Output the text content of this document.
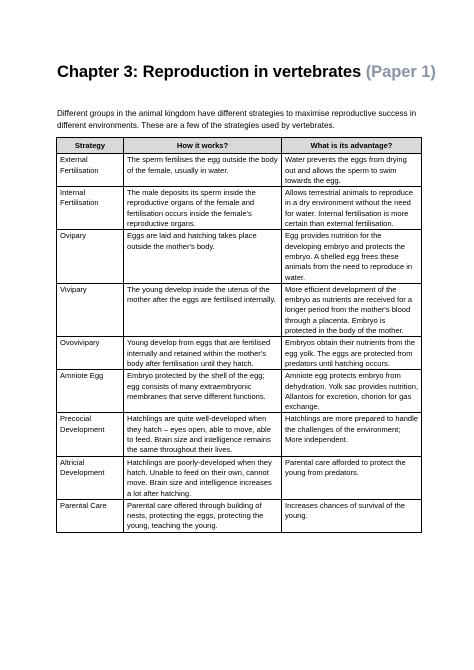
Chapter 3: Reproduction in vertebrates (Paper 1)

Different groups in the animal kingdom have different strategies to maximise reproductive success in different environments. These are a few of the strategies used by vertebrates.

Strategy	How it works?	What is its advantage?
External Fertilisation	The sperm fertilises the egg outside the body of the female, usually in water.	Water prevents the eggs from drying out and allows the sperm to swim towards the egg.
Internal Fertilisation	The male deposits its sperm inside the reproductive organs of the female and fertilisation occurs inside the female's reproductive organs.	Allows terrestrial animals to reproduce in a dry environment without the need for water. Internal fertilisation is more certain than external fertilisation.
Ovipary	Eggs are laid and hatching takes place outside the mother's body.	Egg provides nutrition for the developing embryo and protects the embryo. A shelled egg frees these animals from the need to reproduce in water.
Vivipary	The young develop inside the uterus of the mother after the eggs are fertilised internally.	More efficient development of the embryo as nutrients are received for a longer period from the mother's blood through a placenta. Embryo is protected in the body of the mother.
Ovovivipary	Young develop from eggs that are fertilised internally and retained within the mother's body after fertilisation until they hatch.	Embryos obtain their nutrients from the egg yolk. The eggs are protected from predators until hatching occurs.
Amniote Egg	Embryo protected by the shell of the egg; egg consists of many extraembryonic membranes that serve different functions.	Amniote egg protects embryo from dehydration. Yolk sac provides nutrition, Allantois for excretion, chorion for gas exchange.
Precocial Development	Hatchlings are quite well-developed when they hatch – eyes open, able to move, able to feed. Brain size and intelligence remains the same throughout their lives.	Hatchlings are more prepared to handle the challenges of the environment; More independent.
Altricial Development	Hatchlings are poorly-developed when they hatch. Unable to feed on their own, cannot move. Brain size and intelligence increases a lot after hatching.	Parental care afforded to protect the young from predators.
Parental Care	Parental care offered through building of nests, protecting the eggs, protecting the young, teaching the young.	Increases chances of survival of the young.
